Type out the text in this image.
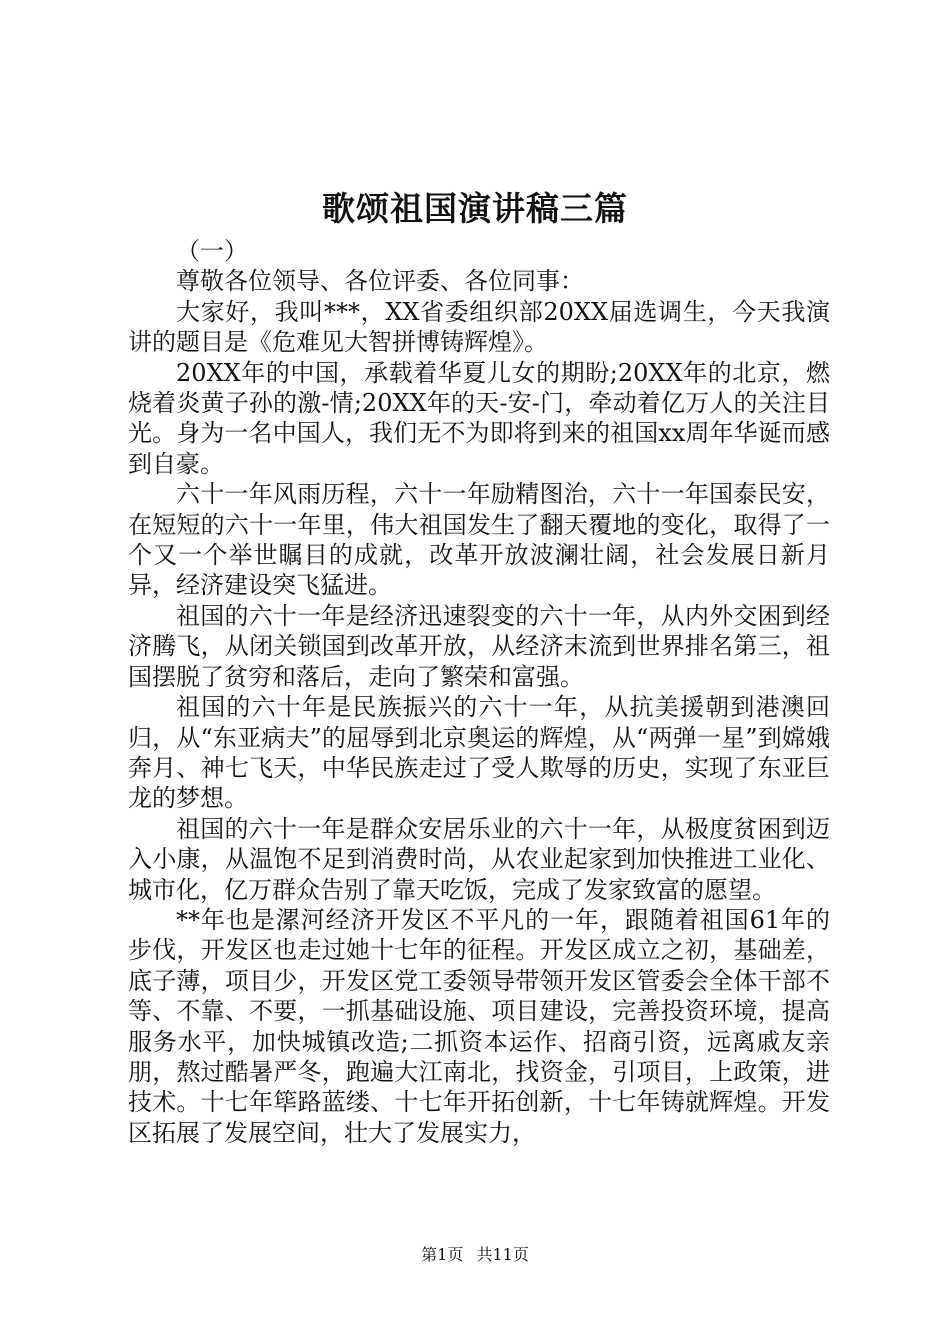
歌颂祖国演讲稿三篇

（一）

尊敬各位领导、各位评委、各位同事：

大家好，我叫***，XX省委组织部20XX届选调生，今天我演讲的题目是《危难见大智拼博铸辉煌》。

20XX年的中国，承载着华夏儿女的期盼;20XX年的北京，燃烧着炎黄子孙的激-情;20XX年的天-安-门，牵动着亿万人的关注目光。身为一名中国人，我们无不为即将到来的祖国xx周年华诞而感到自豪。

六十一年风雨历程，六十一年励精图治，六十一年国泰民安，在短短的六十一年里，伟大祖国发生了翻天覆地的变化，取得了一个又一个举世瞩目的成就，改革开放波澜壮阔，社会发展日新月异，经济建设突飞猛进。

祖国的六十一年是经济迅速裂变的六十一年，从内外交困到经济腾飞，从闭关锁国到改革开放，从经济末流到世界排名第三，祖国摆脱了贫穷和落后，走向了繁荣和富强。

祖国的六十年是民族振兴的六十一年，从抗美援朝到港澳回归，从“东亚病夫”的屈辱到北京奥运的辉煌，从“两弹一星”到嫦娥奔月、神七飞天，中华民族走过了受人欺辱的历史，实现了东亚巨龙的梦想。

祖国的六十一年是群众安居乐业的六十一年，从极度贫困到迈入小康，从温饱不足到消费时尚，从农业起家到加快推进工业化、城市化，亿万群众告别了靠天吃饭，完成了发家致富的愿望。

**年也是漯河经济开发区不平凡的一年，跟随着祖国61年的步伐，开发区也走过她十七年的征程。开发区成立之初，基础差，底子薄，项目少，开发区党工委领导带领开发区管委会全体干部不等、不靠、不要，一抓基础设施、项目建设，完善投资环境，提高服务水平，加快城镇改造;二抓资本运作、招商引资，远离戚友亲朋，熬过酷暑严冬，跑遍大江南北，找资金，引项目，上政策，进技术。十七年筚路蓝缕、十七年开拓创新，十七年铸就辉煌。开发区拓展了发展空间，壮大了发展实力，

第1页 共11页
